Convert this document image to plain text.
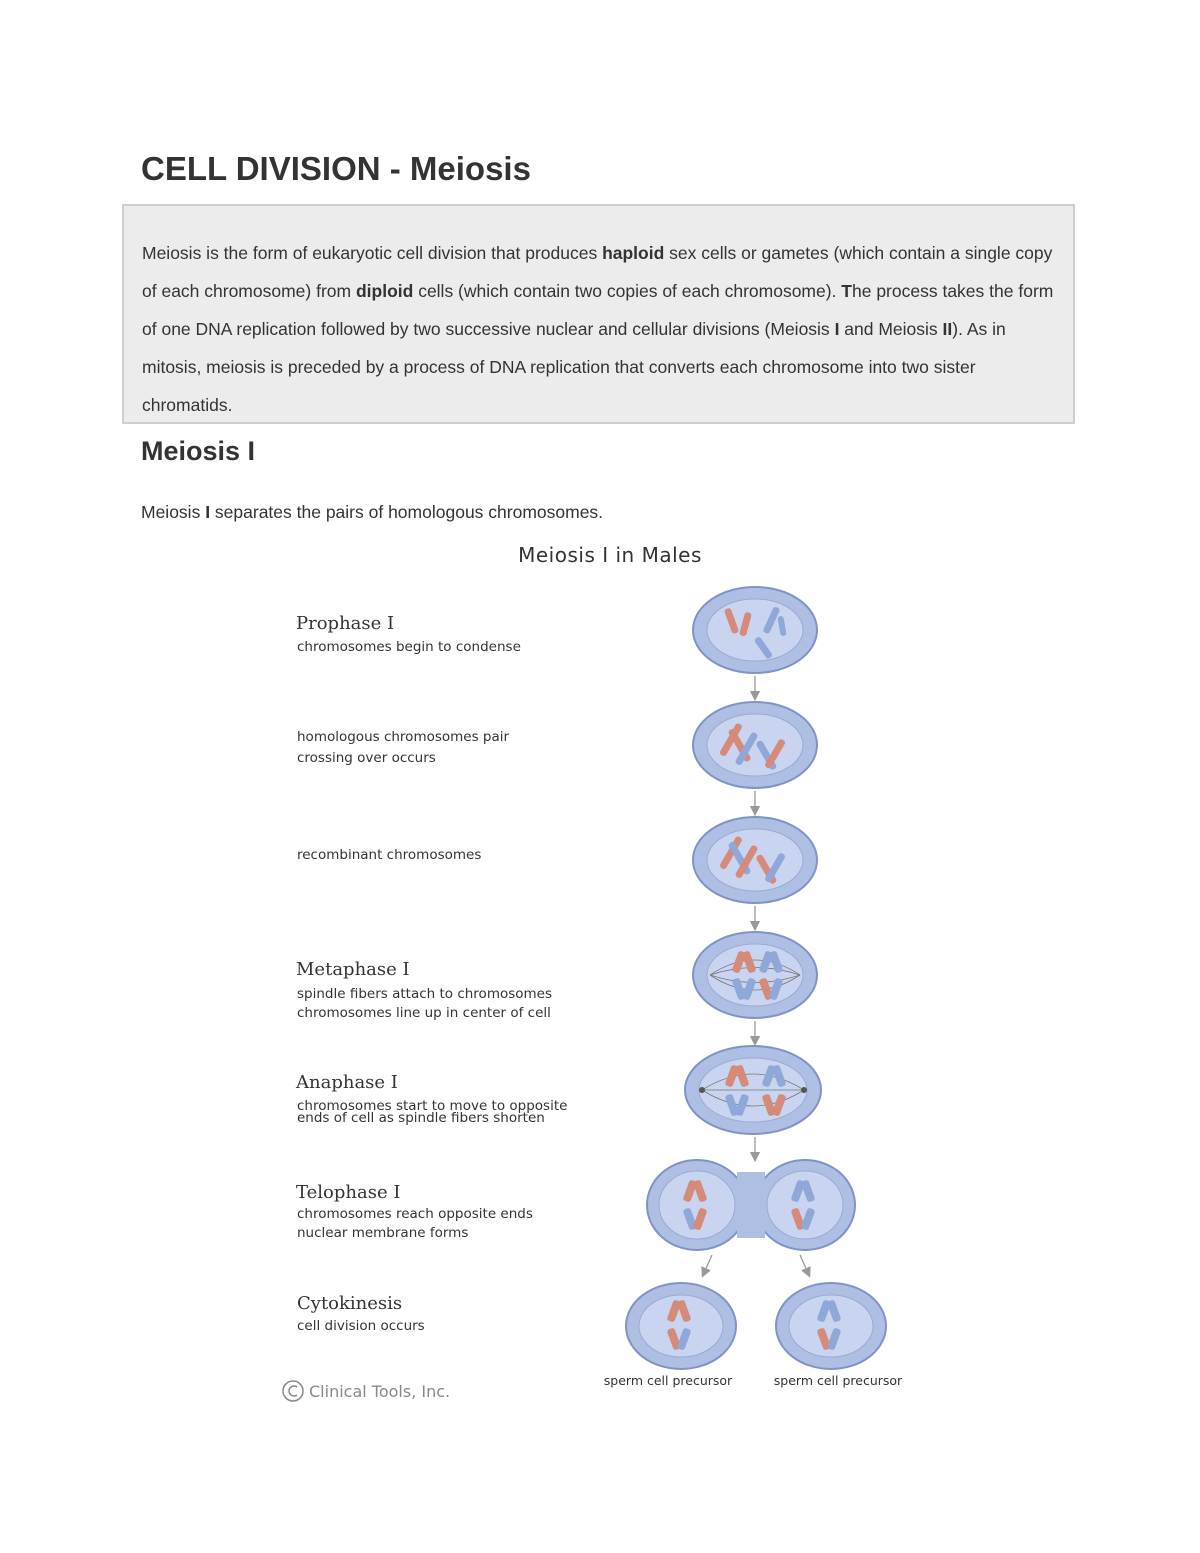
CELL DIVISION - Meiosis

Meiosis is the form of eukaryotic cell division that produces haploid sex cells or gametes (which contain a single copy of each chromosome) from diploid cells (which contain two copies of each chromosome). The process takes the form of one DNA replication followed by two successive nuclear and cellular divisions (Meiosis I and Meiosis II). As in mitosis, meiosis is preceded by a process of DNA replication that converts each chromosome into two sister chromatids.

Meiosis I

Meiosis I separates the pairs of homologous chromosomes.

Meiosis I in Males
Prophase I
chromosomes begin to condense
homologous chromosomes pair
crossing over occurs
recombinant chromosomes
Metaphase I
spindle fibers attach to chromosomes
chromosomes line up in center of cell
Anaphase I
chromosomes start to move to opposite
ends of cell as spindle fibers shorten
Telophase I
chromosomes reach opposite ends
nuclear membrane forms
Cytokinesis
cell division occurs
sperm cell precursor	sperm cell precursor
Clinical Tools, Inc.
